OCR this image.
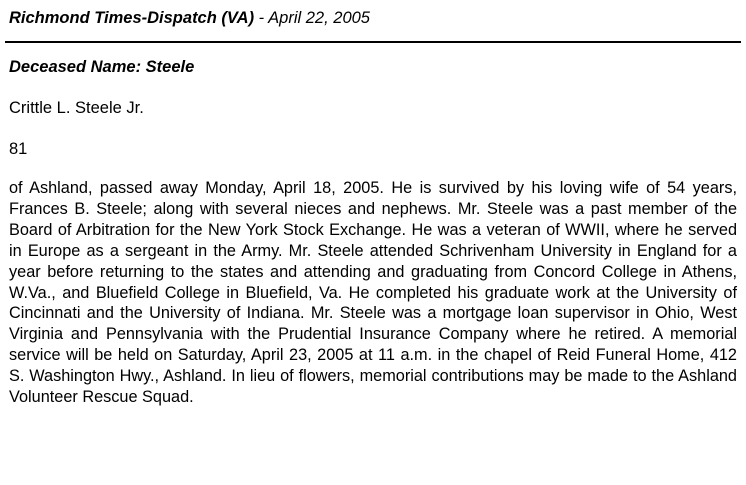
Richmond Times-Dispatch (VA) - April 22, 2005
Deceased Name: Steele
Crittle L. Steele Jr.
81
of Ashland, passed away Monday, April 18, 2005. He is survived by his loving wife of 54 years, Frances B. Steele; along with several nieces and nephews. Mr. Steele was a past member of the Board of Arbitration for the New York Stock Exchange. He was a veteran of WWII, where he served in Europe as a sergeant in the Army. Mr. Steele attended Schrivenham University in England for a year before returning to the states and attending and graduating from Concord College in Athens, W.Va., and Bluefield College in Bluefield, Va. He completed his graduate work at the University of Cincinnati and the University of Indiana. Mr. Steele was a mortgage loan supervisor in Ohio, West Virginia and Pennsylvania with the Prudential Insurance Company where he retired. A memorial service will be held on Saturday, April 23, 2005 at 11 a.m. in the chapel of Reid Funeral Home, 412 S. Washington Hwy., Ashland. In lieu of flowers, memorial contributions may be made to the Ashland Volunteer Rescue Squad.
